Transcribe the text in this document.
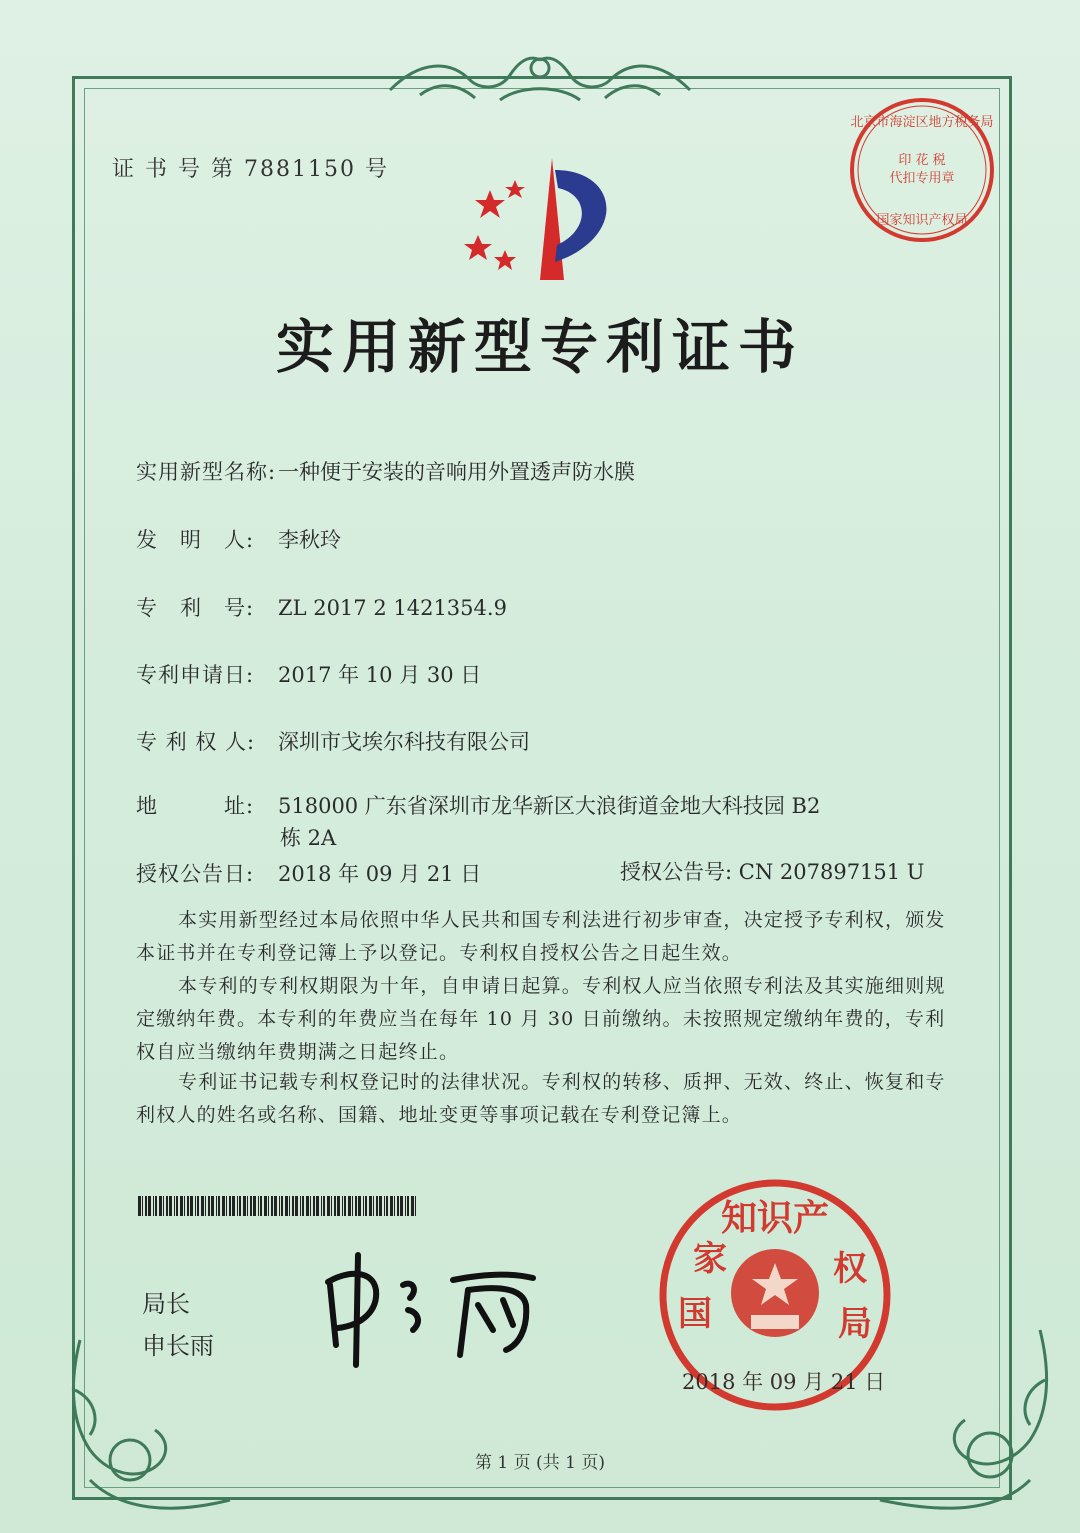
证 书 号 第 7881150 号
北京市海淀区地方税务局
印 花 税
代扣专用章
国家知识产权局
实用新型专利证书
实用新型名称:一种便于安装的音响用外置透声防水膜
发　明　人: 李秋玲
专　利　号: ZL 2017 2 1421354.9
专利申请日: 2017 年 10 月 30 日
专 利 权 人: 深圳市戈埃尔科技有限公司
地　　　址: 518000 广东省深圳市龙华新区大浪街道金地大科技园 B2
栋 2A
授权公告日: 2018 年 09 月 21 日	授权公告号: CN 207897151 U
本实用新型经过本局依照中华人民共和国专利法进行初步审查，决定授予专利权，颁发本证书并在专利登记簿上予以登记。专利权自授权公告之日起生效。
本专利的专利权期限为十年，自申请日起算。专利权人应当依照专利法及其实施细则规定缴纳年费。本专利的年费应当在每年 10 月 30 日前缴纳。未按照规定缴纳年费的，专利权自应当缴纳年费期满之日起终止。
专利证书记载专利权登记时的法律状况。专利权的转移、质押、无效、终止、恢复和专利权人的姓名或名称、国籍、地址变更等事项记载在专利登记簿上。
局长
申长雨
知识产
国
家	权
局
2018 年 09 月 21 日
第 1 页 (共 1 页)
